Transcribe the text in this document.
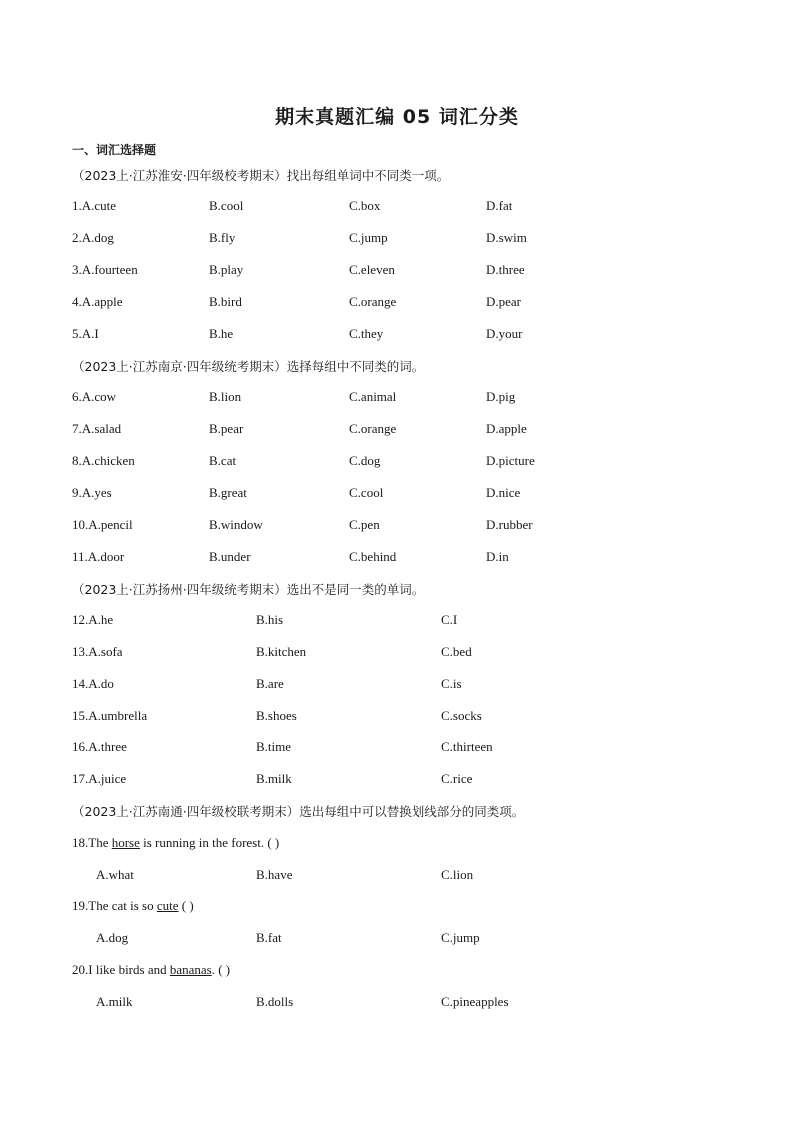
期末真题汇编 05 词汇分类
一、词汇选择题
（2023上·江苏淮安·四年级校考期末）找出每组单词中不同类一项。
1.A.cute	B.cool	C.box	D.fat
2.A.dog	B.fly	C.jump	D.swim
3.A.fourteen	B.play	C.eleven	D.three
4.A.apple	B.bird	C.orange	D.pear
5.A.I	B.he	C.they	D.your
（2023上·江苏南京·四年级统考期末）选择每组中不同类的词。
6.A.cow	B.lion	C.animal	D.pig
7.A.salad	B.pear	C.orange	D.apple
8.A.chicken	B.cat	C.dog	D.picture
9.A.yes	B.great	C.cool	D.nice
10.A.pencil	B.window	C.pen	D.rubber
11.A.door	B.under	C.behind	D.in
（2023上·江苏扬州·四年级统考期末）选出不是同一类的单词。
12.A.he	B.his	C.I
13.A.sofa	B.kitchen	C.bed
14.A.do	B.are	C.is
15.A.umbrella	B.shoes	C.socks
16.A.three	B.time	C.thirteen
17.A.juice	B.milk	C.rice
（2023上·江苏南通·四年级校联考期末）选出每组中可以替换划线部分的同类项。
18.The horse is running in the forest. ( )
A.what	B.have	C.lion
19.The cat is so cute ( )
A.dog	B.fat	C.jump
20.I like birds and bananas. ( )
A.milk	B.dolls	C.pineapples
